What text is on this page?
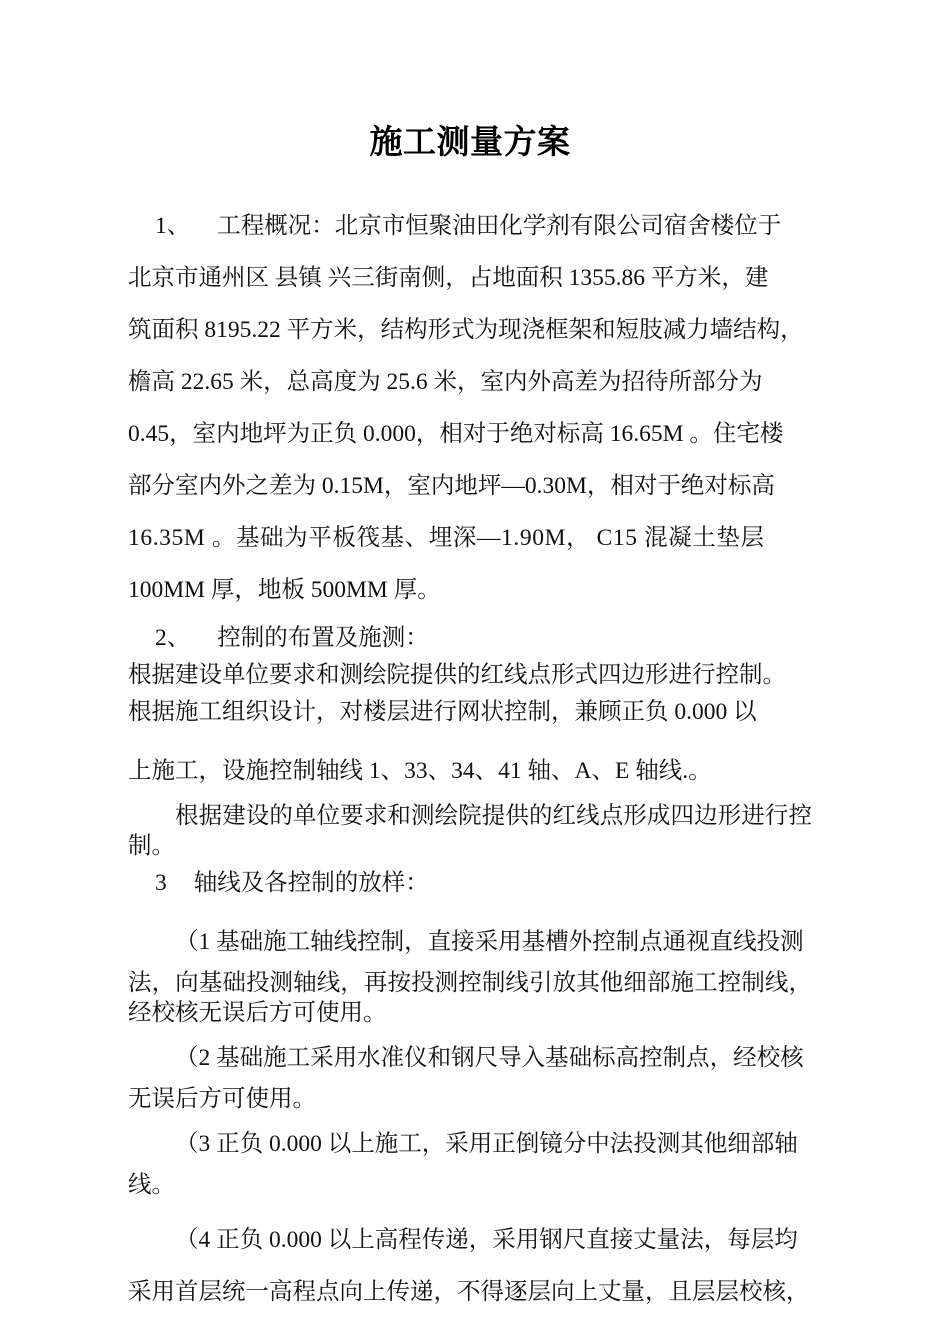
施工测量方案

1、 工程概况：北京市恒聚油田化学剂有限公司宿舍楼位于

北京市通州区 县镇 兴三街南侧，占地面积 1355.86 平方米，建

筑面积 8195.22 平方米，结构形式为现浇框架和短肢减力墙结构，

檐高 22.65 米，总高度为 25.6 米，室内外高差为招待所部分为

0.45，室内地坪为正负 0.000，相对于绝对标高 16.65M 。住宅楼

部分室内外之差为 0.15M，室内地坪—0.30M，相对于绝对标高

16.35M 。基础为平板筏基、埋深—1.90M， C15 混凝土垫层

100MM 厚，地板 500MM 厚。

2、 控制的布置及施测：

根据建设单位要求和测绘院提供的红线点形式四边形进行控制。

根据施工组织设计，对楼层进行网状控制，兼顾正负 0.000 以

上施工，设施控制轴线 1、33、34、41 轴、A、E 轴线.。

根据建设的单位要求和测绘院提供的红线点形成四边形进行控制。

3 轴线及各控制的放样：

（1 基础施工轴线控制，直接采用基槽外控制点通视直线投测

法，向基础投测轴线，再按投测控制线引放其他细部施工控制线，经校核无误后方可使用。

（2 基础施工采用水准仪和钢尺导入基础标高控制点，经校核

无误后方可使用。

（3 正负 0.000 以上施工，采用正倒镜分中法投测其他细部轴

线。

（4 正负 0.000 以上高程传递，采用钢尺直接丈量法，每层均

采用首层统一高程点向上传递，不得逐层向上丈量，且层层校核，
